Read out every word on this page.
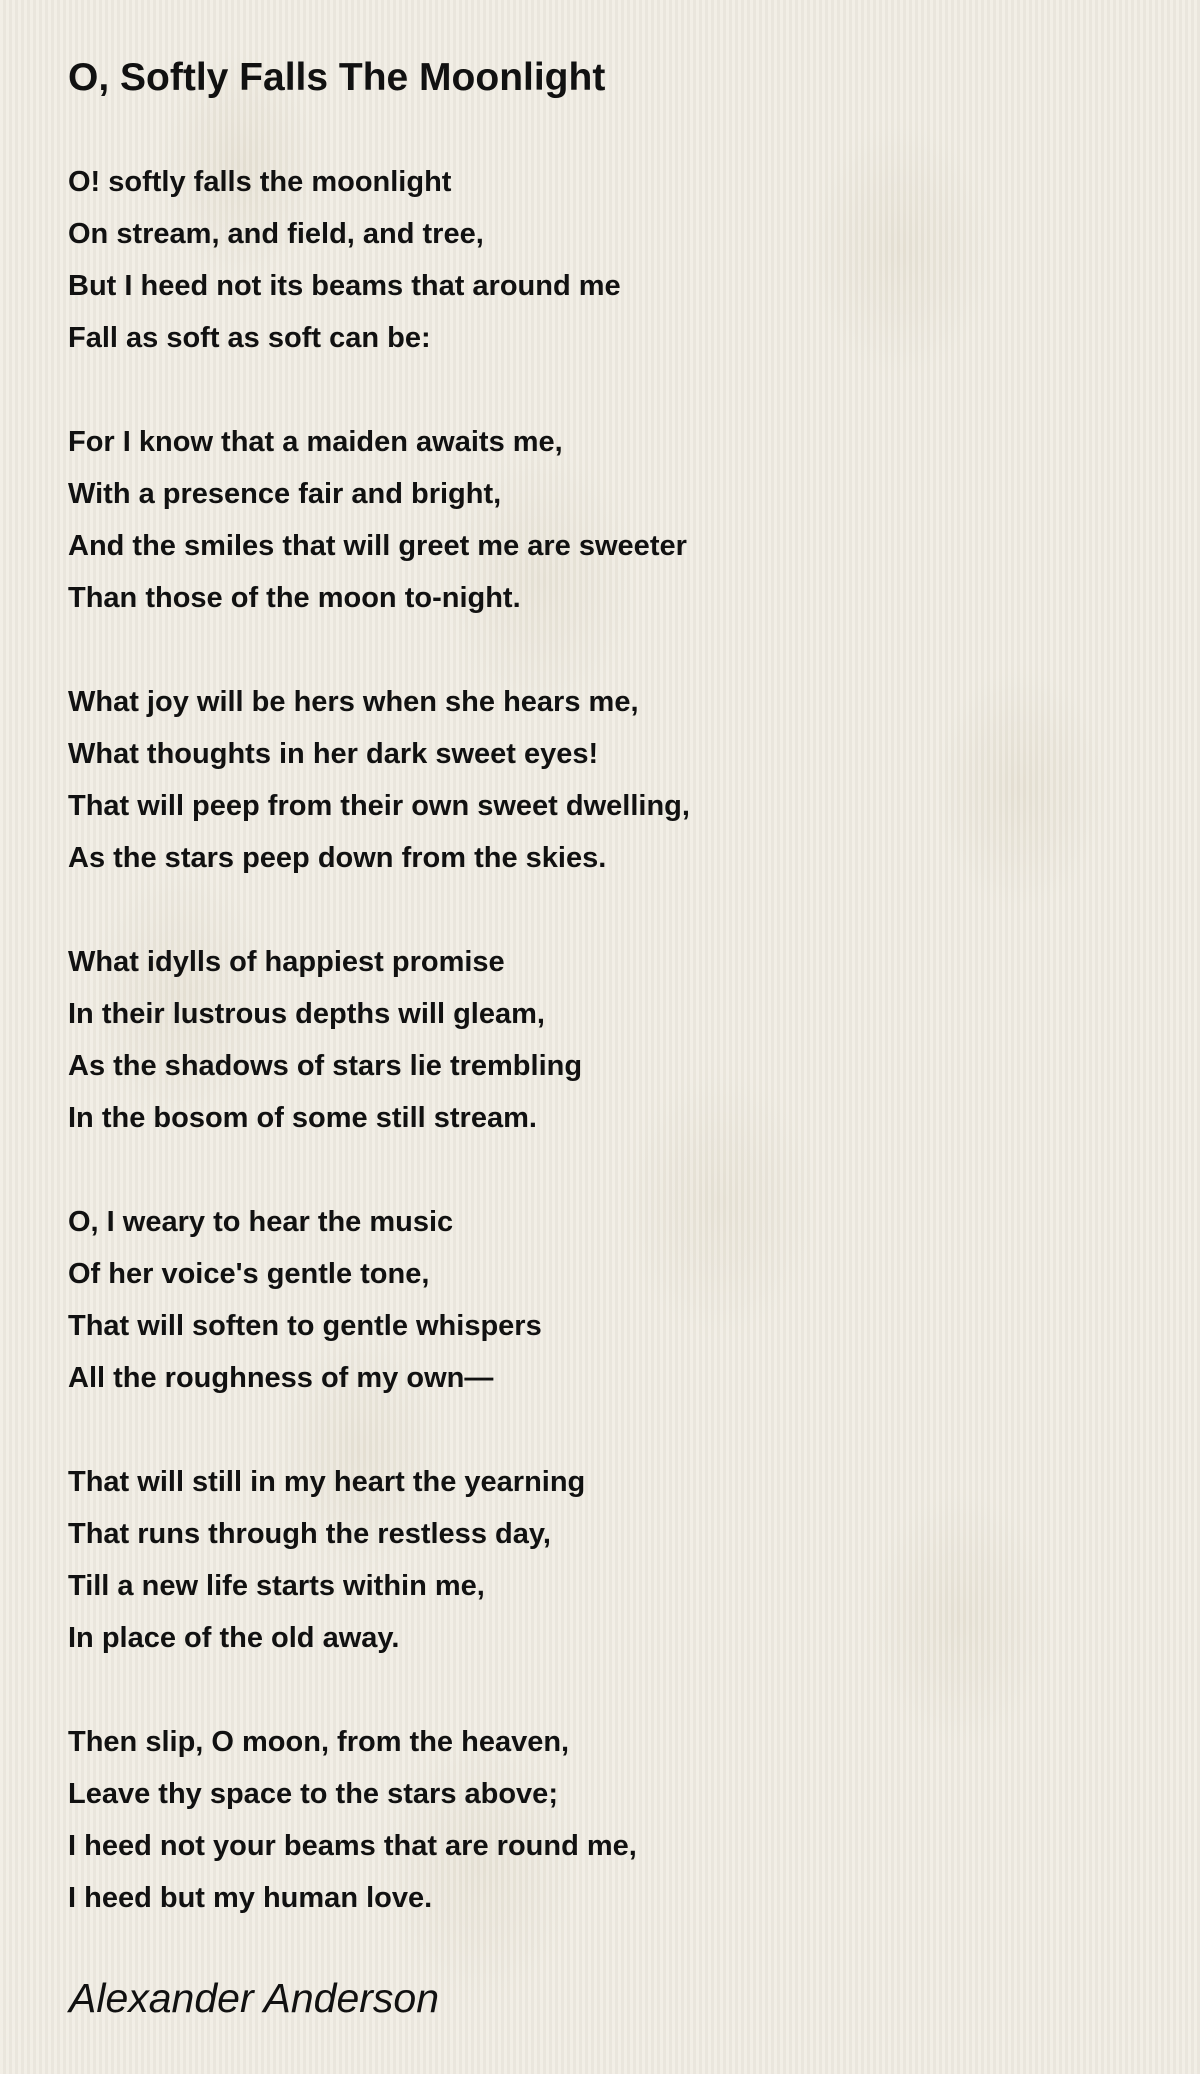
O, Softly Falls The Moonlight
O! softly falls the moonlight
On stream, and field, and tree,
But I heed not its beams that around me
Fall as soft as soft can be:
For I know that a maiden awaits me,
With a presence fair and bright,
And the smiles that will greet me are sweeter
Than those of the moon to-night.
What joy will be hers when she hears me,
What thoughts in her dark sweet eyes!
That will peep from their own sweet dwelling,
As the stars peep down from the skies.
What idylls of happiest promise
In their lustrous depths will gleam,
As the shadows of stars lie trembling
In the bosom of some still stream.
O, I weary to hear the music
Of her voice's gentle tone,
That will soften to gentle whispers
All the roughness of my own—
That will still in my heart the yearning
That runs through the restless day,
Till a new life starts within me,
In place of the old away.
Then slip, O moon, from the heaven,
Leave thy space to the stars above;
I heed not your beams that are round me,
I heed but my human love.
Alexander Anderson
